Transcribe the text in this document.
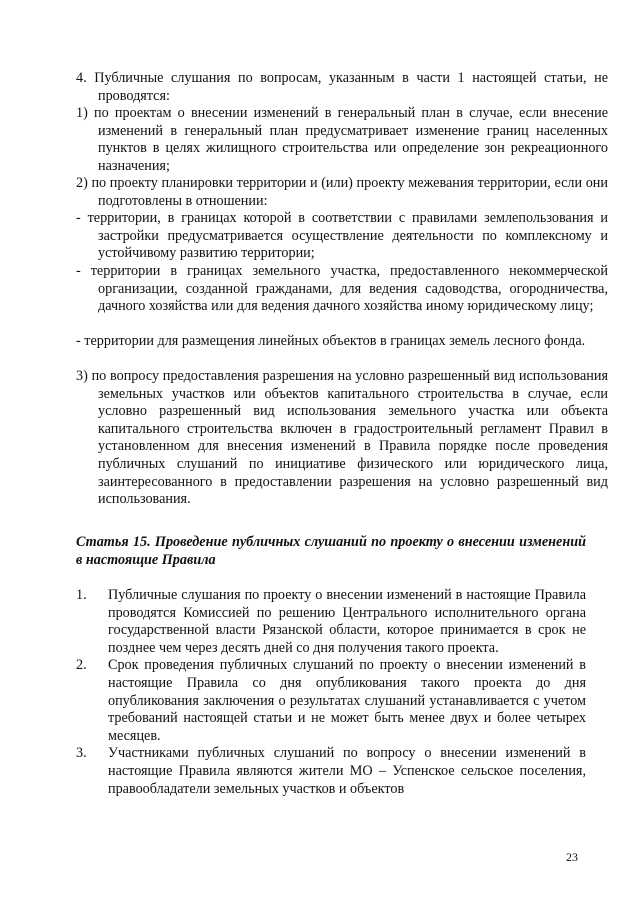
4. Публичные слушания по вопросам, указанным в части 1 настоящей статьи, не проводятся:
1) по проектам о внесении изменений в генеральный план в случае, если внесение изменений в генеральный план предусматривает изменение границ населенных пунктов в целях жилищного строительства или определение зон рекреационного назначения;
2) по проекту планировки территории и (или) проекту межевания территории, если они подготовлены в отношении:
- территории, в границах которой в соответствии с правилами землепользования и застройки предусматривается осуществление деятельности по комплексному и устойчивому развитию территории;
- территории в границах земельного участка, предоставленного некоммерческой организации, созданной гражданами, для ведения садоводства, огородничества, дачного хозяйства или для ведения дачного хозяйства иному юридическому лицу;
- территории для размещения линейных объектов в границах земель лесного фонда.
3) по вопросу предоставления разрешения на условно разрешенный вид использования земельных участков или объектов капитального строительства в случае, если условно разрешенный вид использования земельного участка или объекта капитального строительства включен в градостроительный регламент Правил в установленном для внесения изменений в Правила порядке после проведения публичных слушаний по инициативе физического или юридического лица, заинтересованного в предоставлении разрешения на условно разрешенный вид использования.
Статья 15. Проведение публичных слушаний по проекту о внесении изменений в настоящие Правила
1. Публичные слушания по проекту о внесении изменений в настоящие Правила проводятся Комиссией по решению Центрального исполнительного органа государственной власти Рязанской области, которое принимается в срок не позднее чем через десять дней со дня получения такого проекта.
2. Срок проведения публичных слушаний по проекту о внесении изменений в настоящие Правила со дня опубликования такого проекта до дня опубликования заключения о результатах слушаний устанавливается с учетом требований настоящей статьи и не может быть менее двух и более четырех месяцев.
3. Участниками публичных слушаний по вопросу о внесении изменений в настоящие Правила являются жители МО – Успенское сельское поселения, правообладатели земельных участков и объектов
23
